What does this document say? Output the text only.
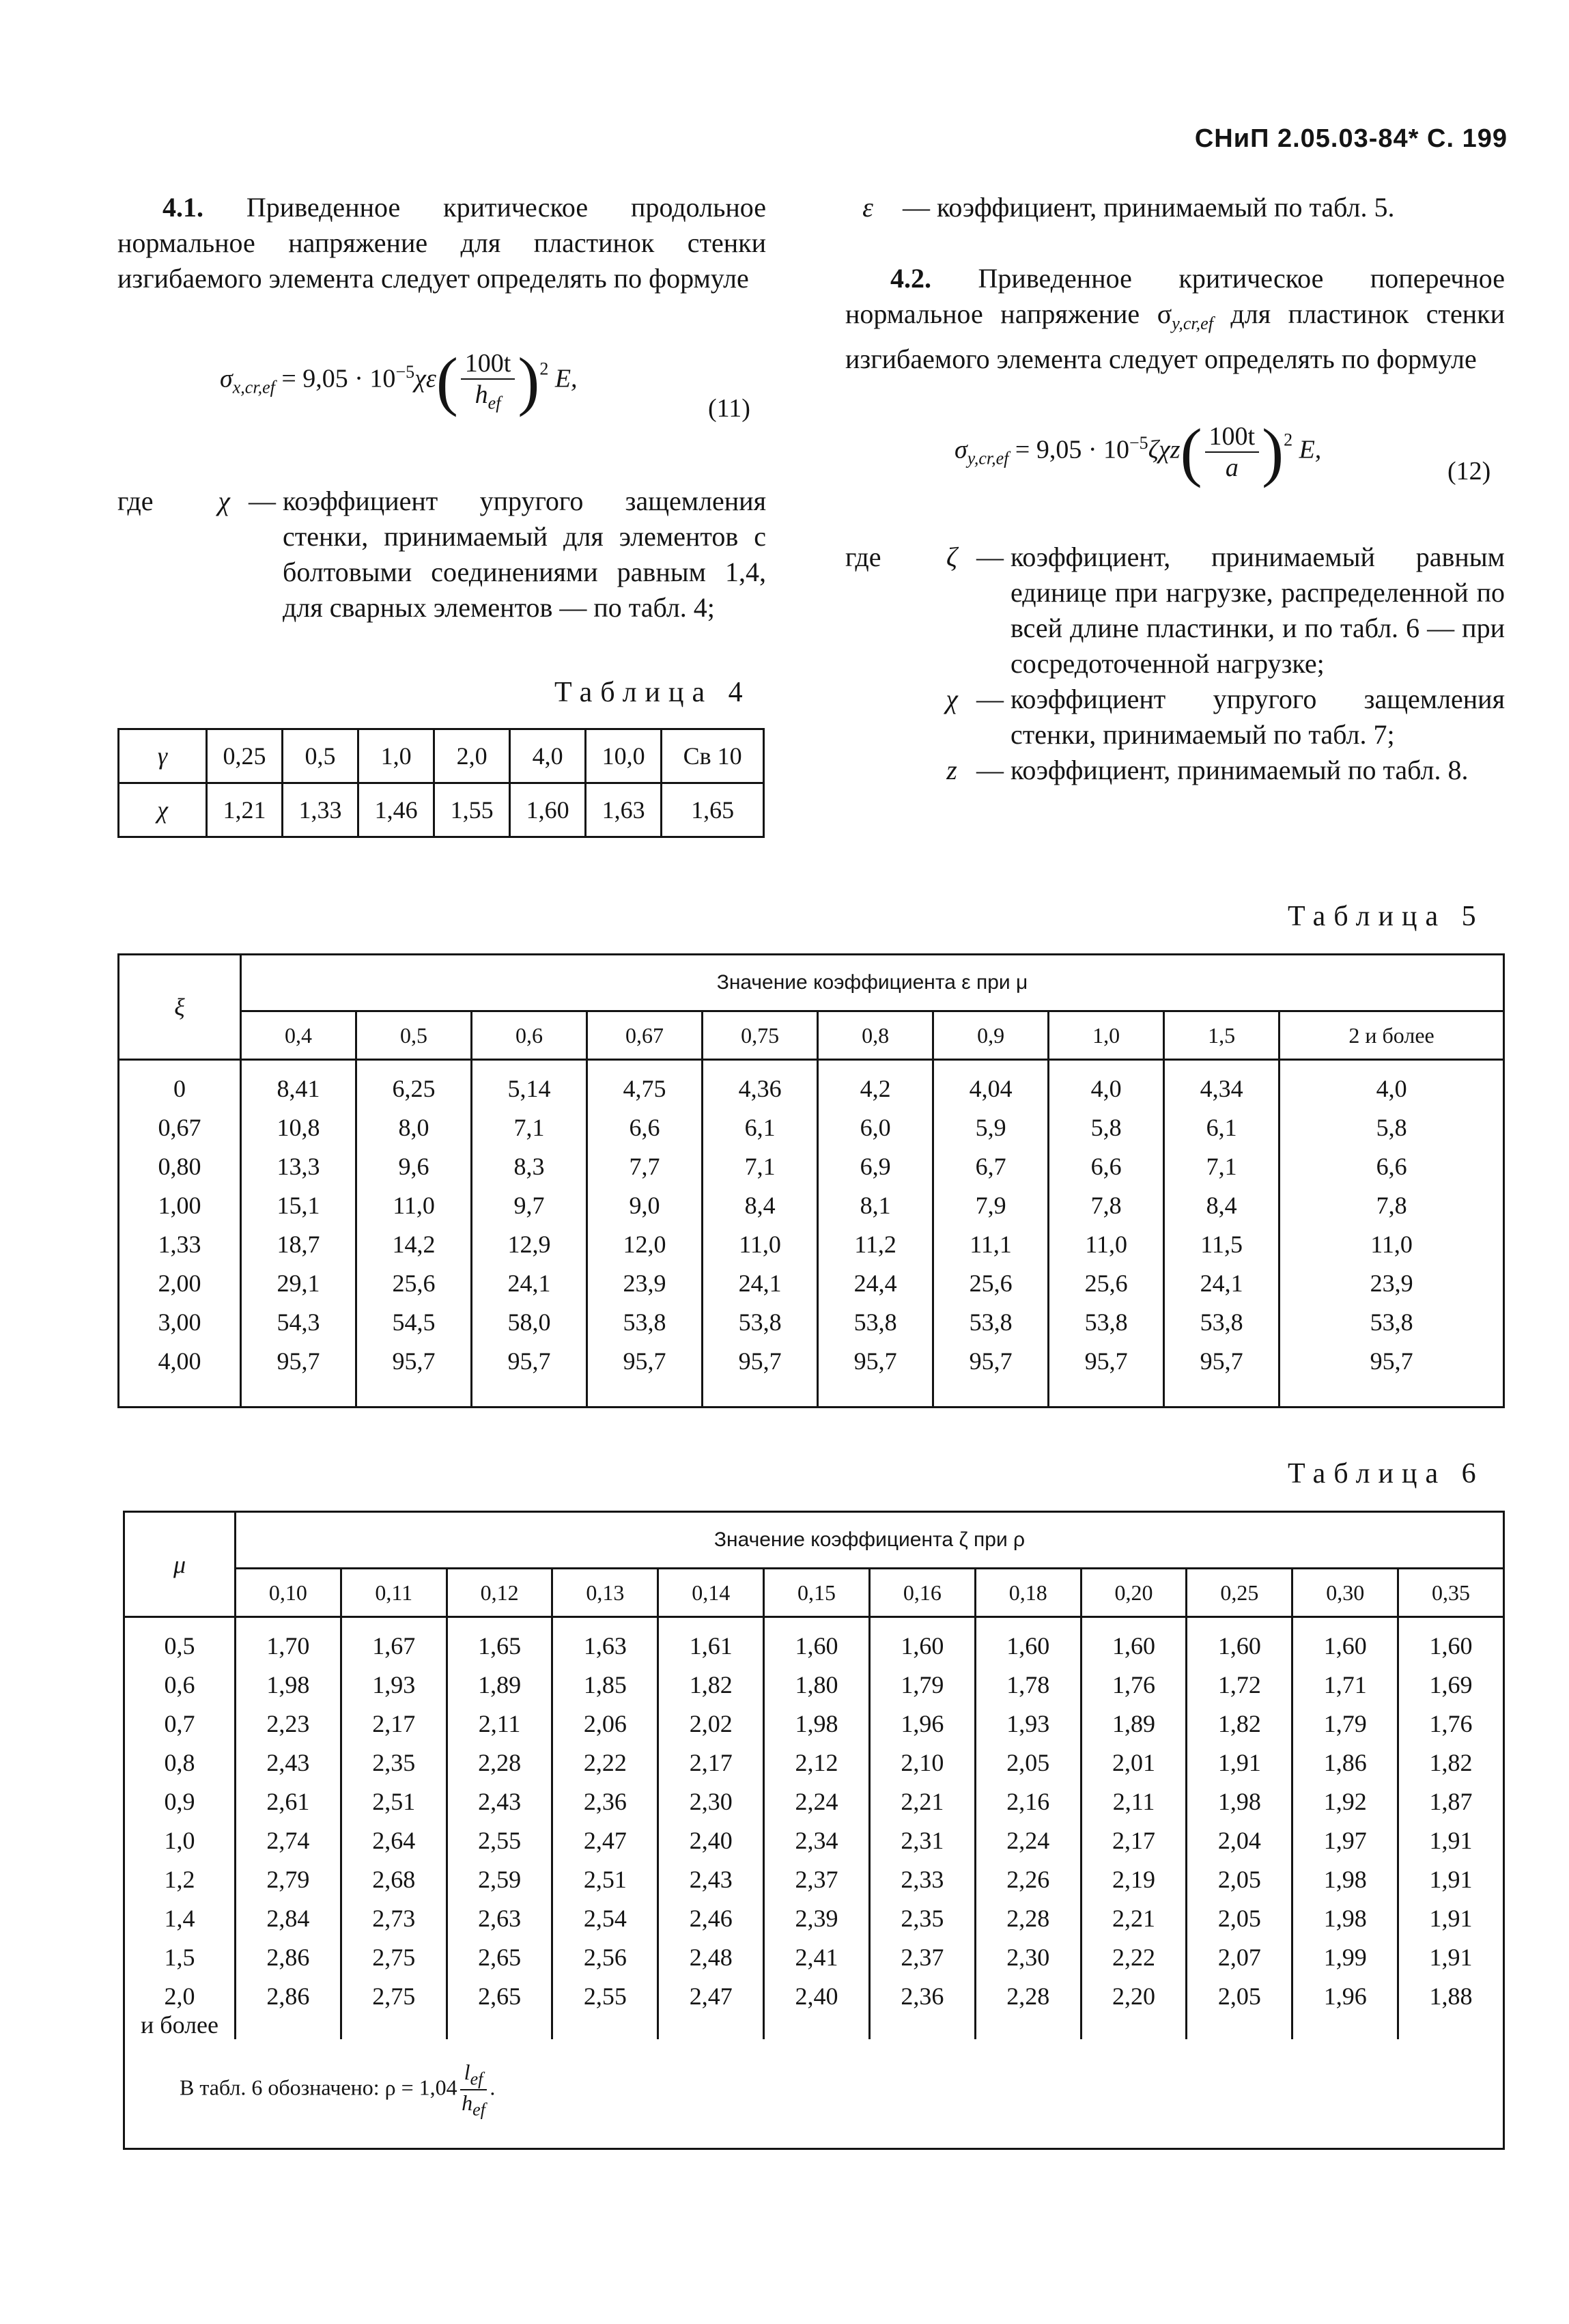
СНиП 2.05.03-84* С. 199

4.1. Приведенное критическое продольное нормальное напряжение для пластинок стенки изгибаемого элемента следует определять по формуле

$\sigma_{x,cr,ef} = 9,05 \cdot 10^{-5}\chi\varepsilon( \frac{100t}{h_{ef}} )^2$ E,
(11)
где	χ — коэффициент упругого защемления стенки, принимаемый для элементов с болтовыми соединениями равным 1,4, для сварных элементов — по табл. 4;
Таблица 4
γ	0,25	0,5	1,0	2,0	4,0	10,0	Св 10
χ	1,21	1,33	1,46	1,55	1,60	1,63	1,65
ε	— коэффициент, принимаемый по табл. 5.

4.2. Приведенное критическое поперечное нормальное напряжение $\sigma_{y,cr,ef}$ для пластинок стенки изгибаемого элемента следует определять по формуле

$\sigma_{y,cr,ef} = 9,05 \cdot 10^{-5}\zeta\chi z( \frac{100t}{a} )^2$ E,
(12)
где	ζ — коэффициент, принимаемый равным единице при нагрузке, распределенной по всей длине пластинки, и по табл. 6 — при сосредоточенной нагрузке;
χ — коэффициент упругого защемления стенки, принимаемый по табл. 7;
z — коэффициент, принимаемый по табл. 8.
Таблица 5
ξ	Значение коэффициента ε при μ									
	0,4	0,5	0,6	0,67	0,75	0,8	0,9	1,0	1,5	2 и более
0	8,41	6,25	5,14	4,75	4,36	4,2	4,04	4,0	4,34	4,0
0,67	10,8	8,0	7,1	6,6	6,1	6,0	5,9	5,8	6,1	5,8
0,80	13,3	9,6	8,3	7,7	7,1	6,9	6,7	6,6	7,1	6,6
1,00	15,1	11,0	9,7	9,0	8,4	8,1	7,9	7,8	8,4	7,8
1,33	18,7	14,2	12,9	12,0	11,0	11,2	11,1	11,0	11,5	11,0
2,00	29,1	25,6	24,1	23,9	24,1	24,4	25,6	25,6	24,1	23,9
3,00	54,3	54,5	58,0	53,8	53,8	53,8	53,8	53,8	53,8	53,8
4,00	95,7	95,7	95,7	95,7	95,7	95,7	95,7	95,7	95,7	95,7
Таблица 6
μ	Значение коэффициента ζ при ρ											
	0,10	0,11	0,12	0,13	0,14	0,15	0,16	0,18	0,20	0,25	0,30	0,35
0,5	1,70	1,67	1,65	1,63	1,61	1,60	1,60	1,60	1,60	1,60	1,60	1,60
0,6	1,98	1,93	1,89	1,85	1,82	1,80	1,79	1,78	1,76	1,72	1,71	1,69
0,7	2,23	2,17	2,11	2,06	2,02	1,98	1,96	1,93	1,89	1,82	1,79	1,76
0,8	2,43	2,35	2,28	2,22	2,17	2,12	2,10	2,05	2,01	1,91	1,86	1,82
0,9	2,61	2,51	2,43	2,36	2,30	2,24	2,21	2,16	2,11	1,98	1,92	1,87
1,0	2,74	2,64	2,55	2,47	2,40	2,34	2,31	2,24	2,17	2,04	1,97	1,91
1,2	2,79	2,68	2,59	2,51	2,43	2,37	2,33	2,26	2,19	2,05	1,98	1,91
1,4	2,84	2,73	2,63	2,54	2,46	2,39	2,35	2,28	2,21	2,05	1,98	1,91
1,5	2,86	2,75	2,65	2,56	2,48	2,41	2,37	2,30	2,22	2,07	1,99	1,91
2,0
и более	2,86	2,75	2,65	2,55	2,47	2,40	2,36	2,28	2,20	2,05	1,96	1,88
В табл. 6 обозначено: $\rho = 1,04 \frac{l_{ef}}{h_{ef}}$ .												
